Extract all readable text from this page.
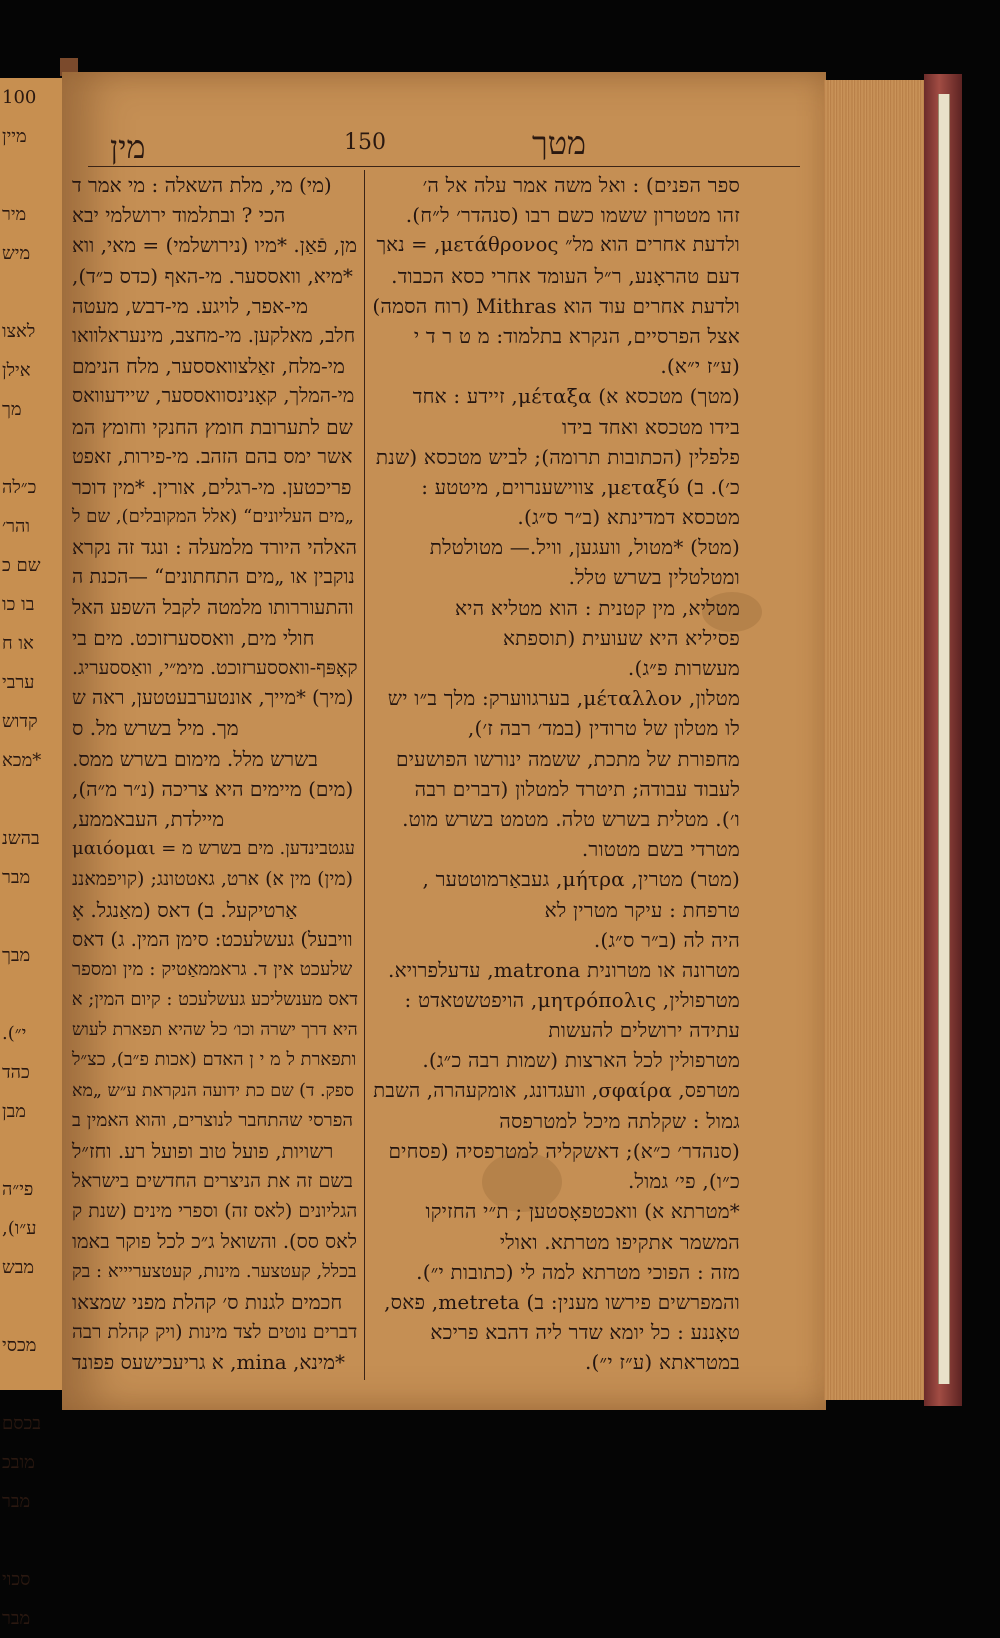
100
מיין
מיר
מיש
לאצו
אילן
מך
כ״לה
והר׳
שם כ
בו כו
או ח
ערבי
קדוש
*מכא
בהשנ
מבר
מבך
י״).
כהד
מבן
פי״ה
ע״ו),
מבש
מכסי
בכסם
מובכ
מבר
סכוי
מבר
מין	150	מטך
(מי) מי, מלת השאלה : מי אמר ד
הכי ? ובתלמוד ירושלמי יבא
מן, פֿאַן. *מיו (נירושלמי) = מאי, ווא
*מיא, וואססער. מי-האף (כדס כ״ד),
מי-אפר, לויגע. מי-דבש, מעטה
חלב, מאלקען. מי-מחצב, מינעראלוואו
מי-מלח, זאַלצוואססער, מלח הנימם
מי-המלך, קאָנינסוואססער, שיידעוואס
שם לתערובת חומץ החנקי וחומץ המ
אשר ימס בהם הזהב. מי-פירות, זאפט
פריכטען. מי-רגלים, אורין. *מין דוכר
„מים העליונים“ (אלל המקובלים), שם ל
האלהי היורד מלמעלה : ונגד זה נקרא
נוקבין או „מים התחתונים“ —הכנת ה
והתעוררותו מלמטה לקבל השפע האל
חולי מים, וואססערזוכט. מים בי
קאָפּף-וואססערזוכט. מימ״י, וואַססעריג.
(מיך) *מייך, אונטערבעטטען, ראה ש
מך. מיל בשרש מל. ס
בשרש מלל. מימום בשרש ממס.
(מים) מיימים היא צריכה (נ״ר מ״ה),
מיילדת, העבאממע,
עגטבינדען. מים בשרש מ = μαιόομαι
(מין) מין א) ארט, גאטטונג; (קויפמאננ
אַרטיקעל. ב) דאס (מאַנגל. אָ
וויבעל) געשלעכט: סימן המין. ג) דאס
שלעכט אין ד. גראממאַטיק : מין ומספר
דאס מענשליכע געשלעכט : קיום המין; א
היא דרך ישרה וכו׳ כל שהיא תפארת לעוש
ותפארת ל מ י ן האדם (אכות פ״ב), כצ״ל
ספק. ד) שם כת ידועה הנקראת ע״ש „מא
הפרסי שהתחבר לנוצרים, והוא האמין ב
רשויות, פועל טוב ופועל רע. וחז״ל
בשם זה את הניצרים החדשים בישראל
הגליונים (לאס זה) וספרי מינים (שנת ק
לאס סס). והשואל ג״כ לכל פוקר באמו
בכלל, קעטצער. מינות, קעטצעריייא : בק
חכמים לגנות ס׳ קהלת מפני שמצאו
דברים נוטים לצד מינות (ויק קהלת רבה
*מינא, mina, א גריעכישעס פפונד
ספר הפנים) : ואל משה אמר עלה אל ה׳
זהו מטטרון ששמו כשם רבו (סנהדר׳ ל״ח).
ולדעת אחרים הוא מל״ μετάθρονος, = נאך
דעם טהראָנע, ר״ל העומד אחרי כסא הכבוד.
ולדעת אחרים עוד הוא Mithras (רוח הסמה)
אצל הפרסיים, הנקרא בתלמוד: מ ט ר ד י
(ע״ז י״א).
(מטך) מטכסא א) μέταξα, זיידע : אחד
בידו מטכסא ואחד בידו
פלפלין (הכתובות תרומה); לביש מטכסא (שנת
כ׳). ב) μεταξύ, צווישענרוים, מיטטע :
מטכסא דמדינתא (ב״ר ס״ג).
(מטל) *מטול, וועגען, וויל.— מטולטלת
ומטלטלין בשרש טלל.
מטליא, מין קטנית : הוא מטליא היא
פסיליא היא שעועית (תוספתא
מעשרות פ״ג).
מטלון, μέταλλον, בערגווערק: מלך ב״ו יש
לו מטלון של טרודין (במד׳ רבה ז׳),
מחפורת של מתכת, ששמה ינורשו הפושעים
לעבוד עבודה; תיטרד למטלון (דברים רבה
ו׳). מטלית בשרש טלה. מטמט בשרש מוט.
מטרדי בשם מטטור.
(מטר) מטרין, μήτρα, געבאַרמוטטער ,
טרפחת : עיקר מטרין לא
היה לה (ב״ר ס״ג).
מטרונה או מטרונית matrona, עדעלפרויא.
מטרפולין, μητρόπολις, הויפטשטאדט :
עתידה ירושלים להעשות
מטרפולין לכל הארצות (שמות רבה כ״ג).
מטרפס, σφαίρα, וועגדונג, אומקעהרה, השבת
גמול : שקלתה מיכל למטרפסה
(סנהדר׳ כ״א); דאשקליה למטרפסיה (פסחים
כ״ו), פי׳ גמול.
*מטרתא א) וואכטפאָסטען ; ת״י החזיקו
המשמר אתקיפו מטרתא. ואולי
מזה : הפוכי מטרתא למה לי (כתובות י״).
והמפרשים פירשו מענין: ב) metreta, פאס,
טאָננע : כל יומא שדר ליה דהבא פריכא
במטראתא (ע״ז י״).
